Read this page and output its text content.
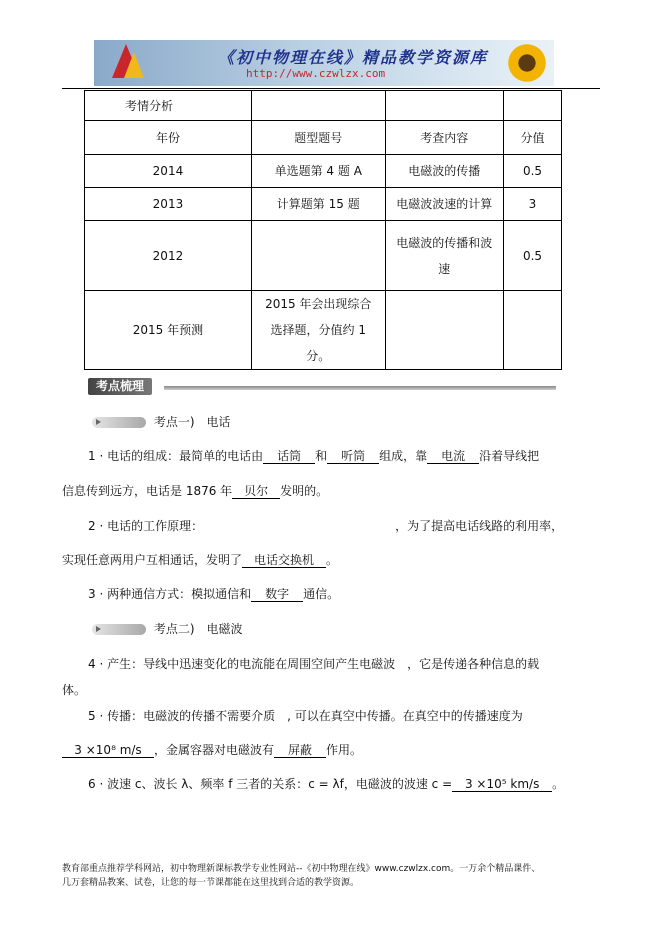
《初中物理在线》精品教学资源库
http://www.czwlzx.com
考情分析			
年份	题型题号	考查内容	分值
2014	单选题第 4 题 A	电磁波的传播	0.5
2013	计算题第 15 题	电磁波波速的计算	3
2012		电磁波的传播和波速	0.5
2015 年预测	2015 年会出现综合选择题，分值约 1 分。		
考点梳理
考点一)　电话
1 · 电话的组成：最简单的电话由 话筒 和 听筒 组成，靠 电流 沿着导线把
信息传到远方，电话是 1876 年 贝尔 发明的。
2 · 电话的工作原理：	，为了提高电话线路的利用率，
实现任意两用户互相通话，发明了 电话交换机 。
3 · 两种通信方式：模拟通信和 数字 通信。
考点二)　电磁波
4 · 产生：导线中迅速变化的电流能在周围空间产生电磁波　，它是传递各种信息的载
体。
5 · 传播：电磁波的传播不需要介质　, 可以在真空中传播。在真空中的传播速度为
3 ×10⁸ m/s ，金属容器对电磁波有 屏蔽 作用。
6 · 波速 c、波长 λ、频率 f 三者的关系：c = λf，电磁波的波速 c = 3 ×10⁵ km/s 。
教育部重点推荐学科网站，初中物理新课标教学专业性网站--《初中物理在线》www.czwlzx.com。一万余个精品课件、
几万套精品教案、试卷，让您的每一节课都能在这里找到合适的教学资源。
